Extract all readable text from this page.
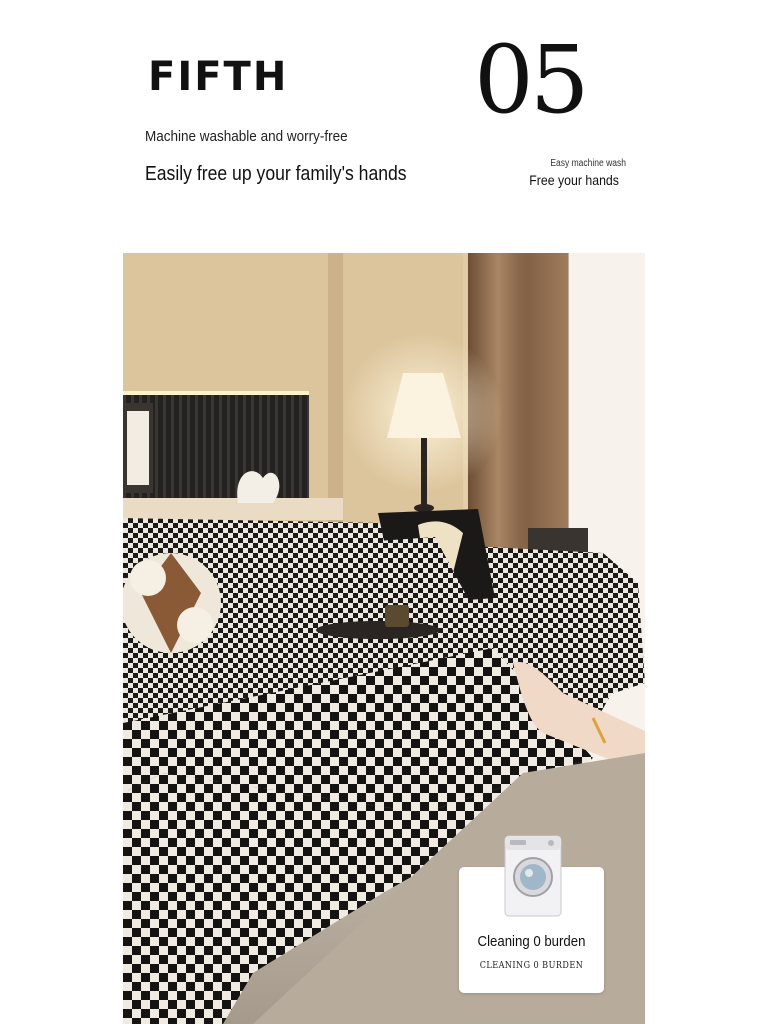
FIFTH 05
Machine washable and worry-free
Easily free up your family's hands	Easy machine wash
Free your hands
Cleaning 0 burden
CLEANING 0 BURDEN
